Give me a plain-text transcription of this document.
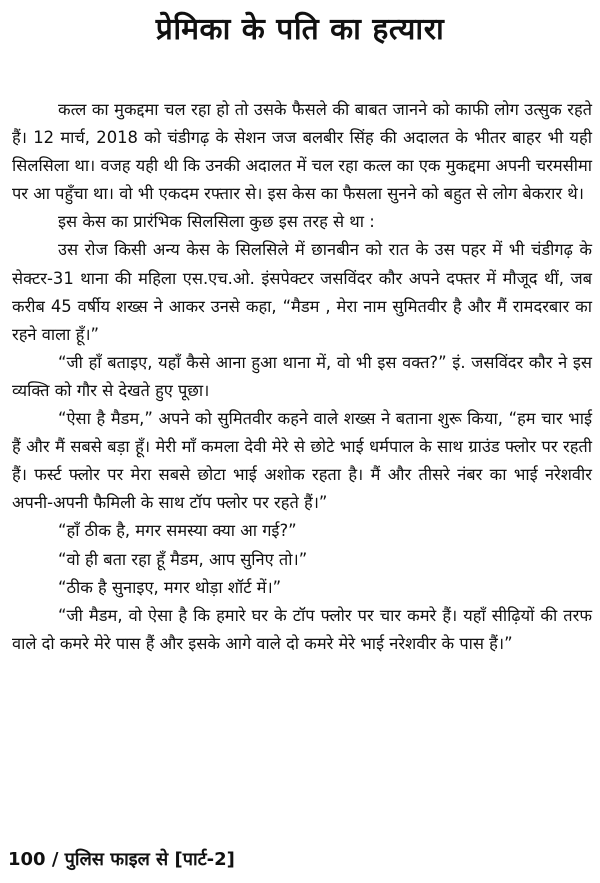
प्रेमिका के पति का हत्यारा

कत्ल का मुकद्दमा चल रहा हो तो उसके फैसले की बाबत जानने को काफी लोग उत्सुक रहते हैं। 12 मार्च, 2018 को चंडीगढ़ के सेशन जज बलबीर सिंह की अदालत के भीतर बाहर भी यही सिलसिला था। वजह यही थी कि उनकी अदालत में चल रहा कत्ल का एक मुकद्दमा अपनी चरमसीमा पर आ पहुँचा था। वो भी एकदम रफ्तार से। इस केस का फैसला सुनने को बहुत से लोग बेकरार थे।

इस केस का प्रारंभिक सिलसिला कुछ इस तरह से था :

उस रोज किसी अन्य केस के सिलसिले में छानबीन को रात के उस पहर में भी चंडीगढ़ के सेक्टर-31 थाना की महिला एस.एच.ओ. इंसपेक्टर जसविंदर कौर अपने दफ्तर में मौजूद थीं, जब करीब 45 वर्षीय शख्स ने आकर उनसे कहा, “मैडम , मेरा नाम सुमितवीर है और मैं रामदरबार का रहने वाला हूँ।”

“जी हाँ बताइए, यहाँ कैसे आना हुआ थाना में, वो भी इस वक्त?” इं. जसविंदर कौर ने इस व्यक्ति को गौर से देखते हुए पूछा।

“ऐसा है मैडम,” अपने को सुमितवीर कहने वाले शख्स ने बताना शुरू किया, “हम चार भाई हैं और मैं सबसे बड़ा हूँ। मेरी माँ कमला देवी मेरे से छोटे भाई धर्मपाल के साथ ग्राउंड फ्लोर पर रहती हैं। फर्स्ट फ्लोर पर मेरा सबसे छोटा भाई अशोक रहता है। मैं और तीसरे नंबर का भाई नरेशवीर अपनी-अपनी फैमिली के साथ टॉप फ्लोर पर रहते हैं।”

“हाँ ठीक है, मगर समस्या क्या आ गई?”

“वो ही बता रहा हूँ मैडम, आप सुनिए तो।”

“ठीक है सुनाइए, मगर थोड़ा शॉर्ट में।”

“जी मैडम, वो ऐसा है कि हमारे घर के टॉप फ्लोर पर चार कमरे हैं। यहाँ सीढ़ियों की तरफ वाले दो कमरे मेरे पास हैं और इसके आगे वाले दो कमरे मेरे भाई नरेशवीर के पास हैं।”

100 / पुलिस फाइल से [पार्ट-2]
